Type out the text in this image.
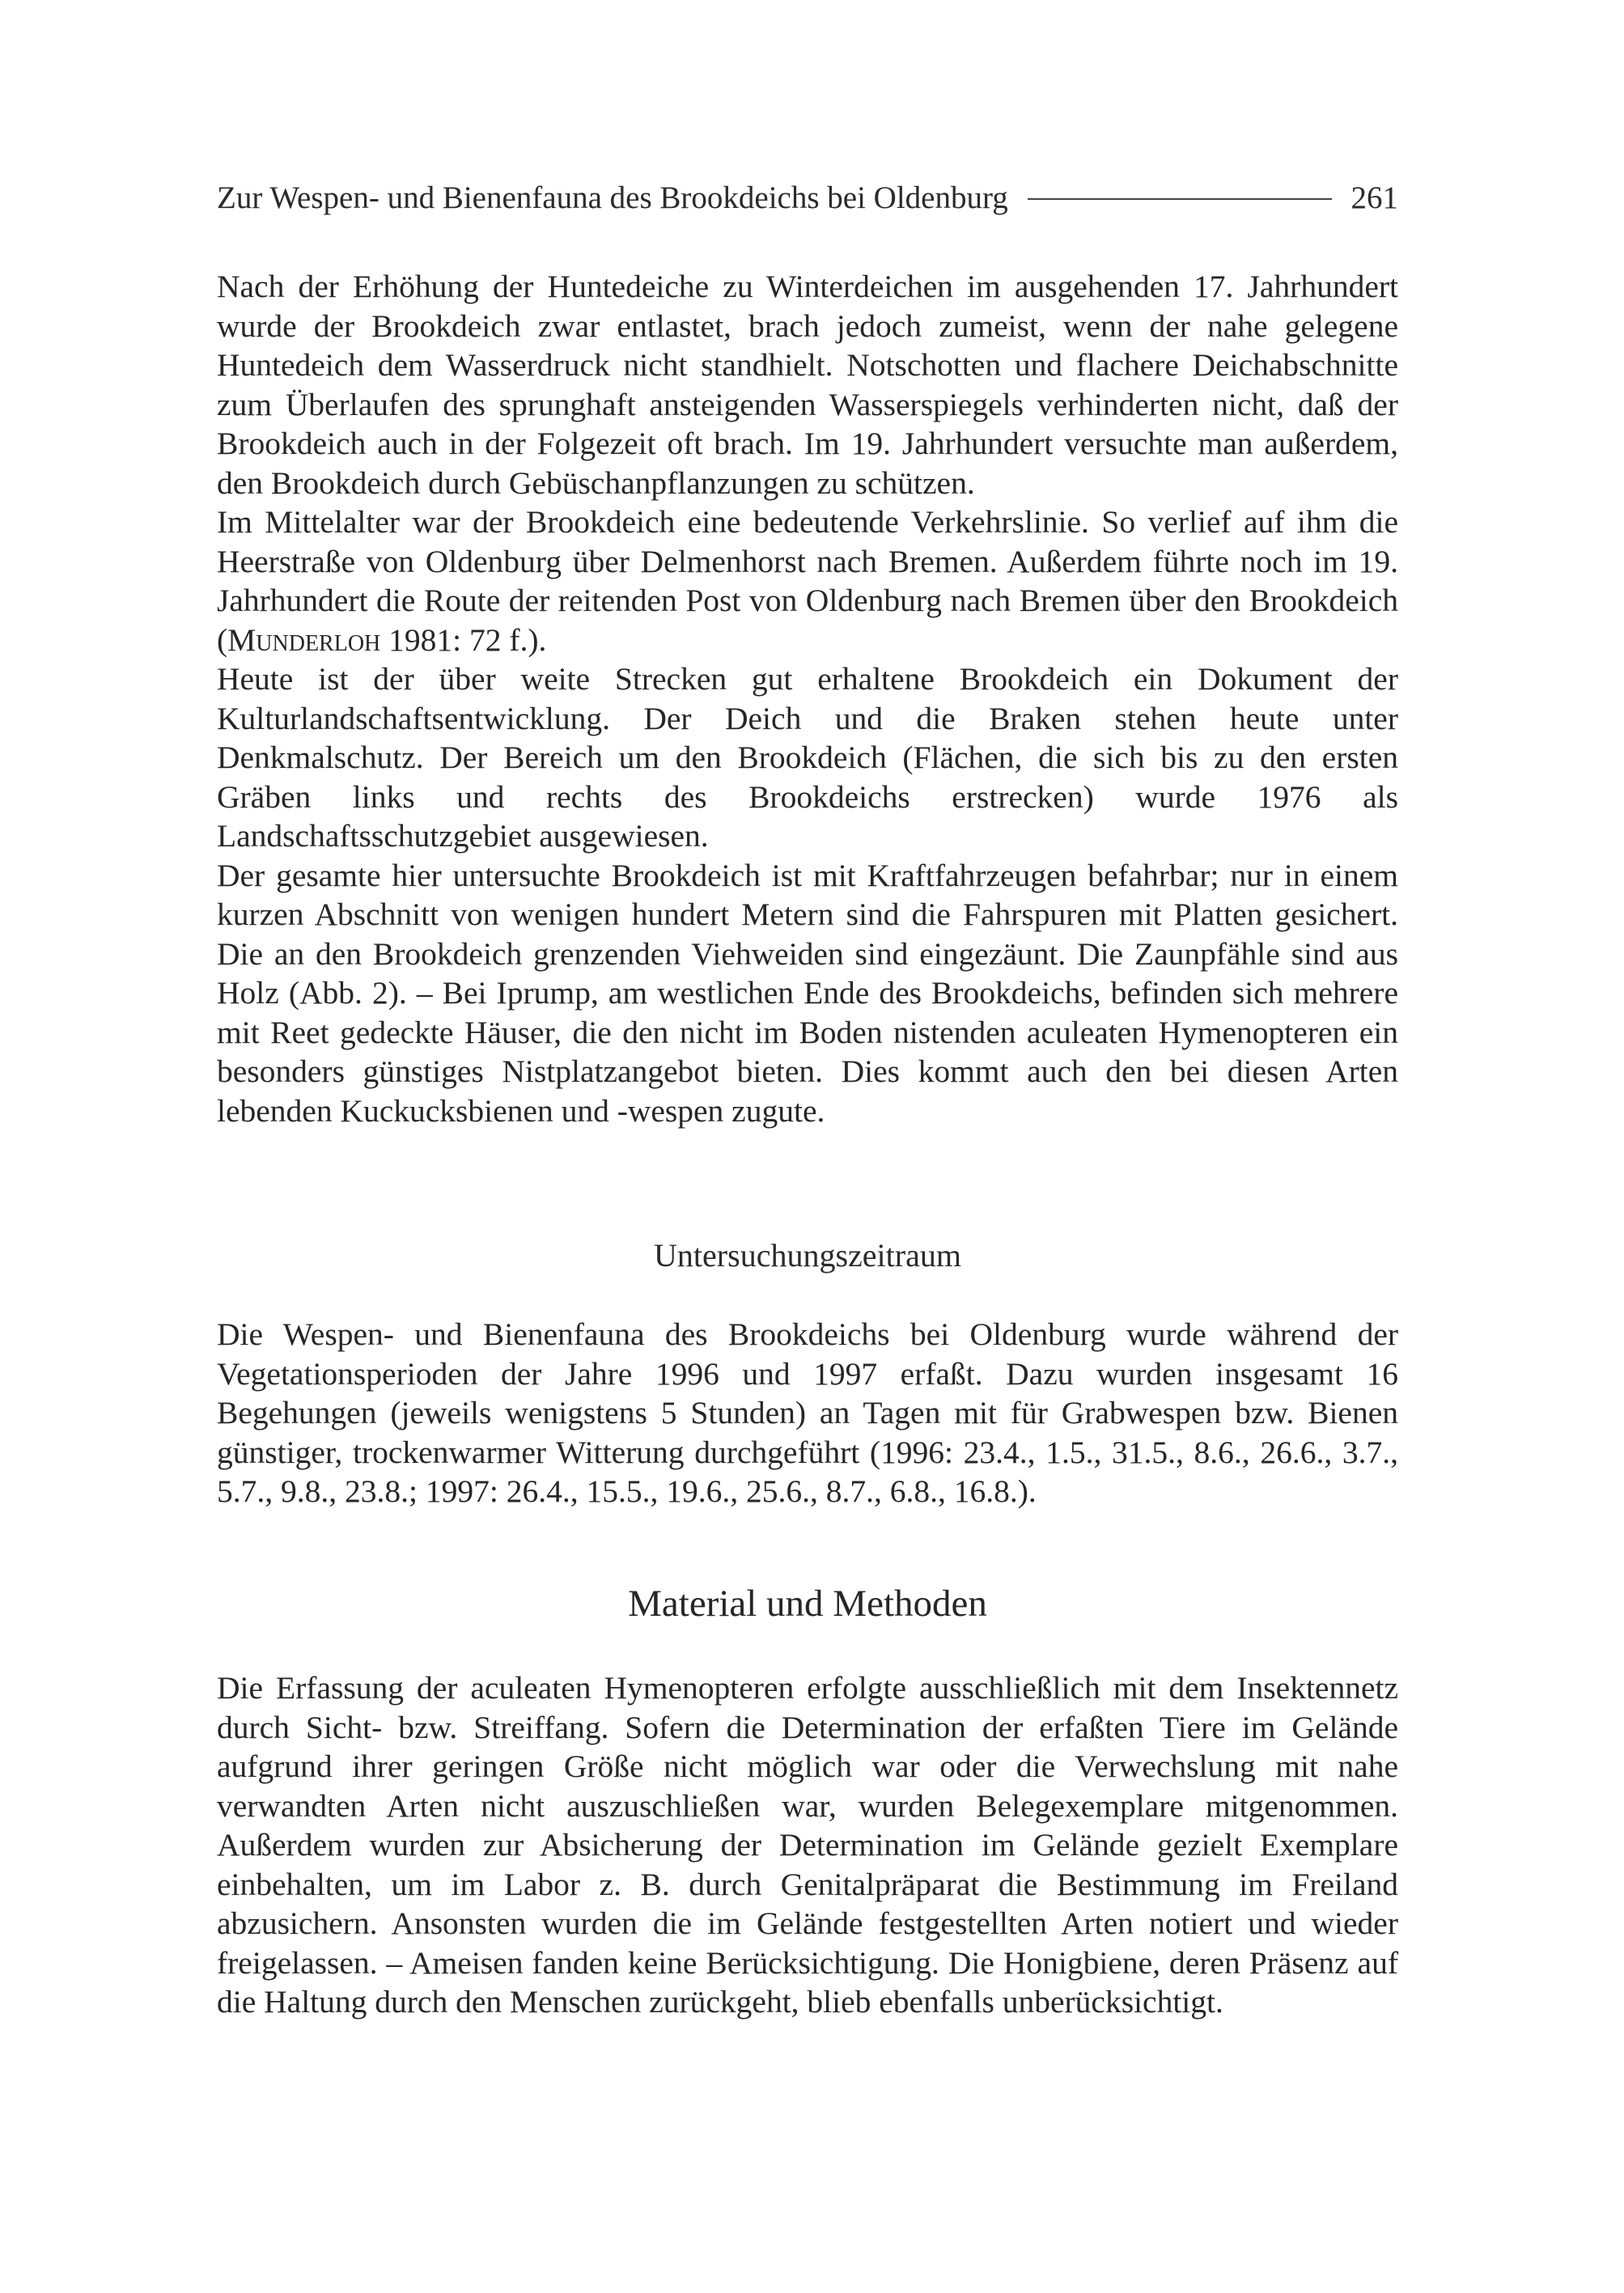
Zur Wespen- und Bienenfauna des Brookdeichs bei Oldenburg	261

Nach der Erhöhung der Huntedeiche zu Winterdeichen im ausgehenden 17. Jahrhundert wurde der Brookdeich zwar entlastet, brach jedoch zumeist, wenn der nahe gelegene Huntedeich dem Wasserdruck nicht standhielt. Notschotten und flachere Deichabschnitte zum Überlaufen des sprunghaft ansteigenden Wasserspiegels verhinderten nicht, daß der Brookdeich auch in der Folgezeit oft brach. Im 19. Jahrhundert versuchte man außerdem, den Brookdeich durch Gebüschanpflanzungen zu schützen.

Im Mittelalter war der Brookdeich eine bedeutende Verkehrslinie. So verlief auf ihm die Heerstraße von Oldenburg über Delmenhorst nach Bremen. Außerdem führte noch im 19. Jahrhundert die Route der reitenden Post von Oldenburg nach Bremen über den Brookdeich (Munderloh 1981: 72 f.).

Heute ist der über weite Strecken gut erhaltene Brookdeich ein Dokument der Kulturlandschaftsentwicklung. Der Deich und die Braken stehen heute unter Denkmalschutz. Der Bereich um den Brookdeich (Flächen, die sich bis zu den ersten Gräben links und rechts des Brookdeichs erstrecken) wurde 1976 als Landschaftsschutzgebiet ausgewiesen.

Der gesamte hier untersuchte Brookdeich ist mit Kraftfahrzeugen befahrbar; nur in einem kurzen Abschnitt von wenigen hundert Metern sind die Fahrspuren mit Platten gesichert. Die an den Brookdeich grenzenden Viehweiden sind eingezäunt. Die Zaunpfähle sind aus Holz (Abb. 2). – Bei Iprump, am westlichen Ende des Brookdeichs, befinden sich mehrere mit Reet gedeckte Häuser, die den nicht im Boden nistenden aculeaten Hymenopteren ein besonders günstiges Nistplatzangebot bieten. Dies kommt auch den bei diesen Arten lebenden Kuckucksbienen und -wespen zugute.

Untersuchungszeitraum

Die Wespen- und Bienenfauna des Brookdeichs bei Oldenburg wurde während der Vegetationsperioden der Jahre 1996 und 1997 erfaßt. Dazu wurden insgesamt 16 Begehungen (jeweils wenigstens 5 Stunden) an Tagen mit für Grabwespen bzw. Bienen günstiger, trockenwarmer Witterung durchgeführt (1996: 23.4., 1.5., 31.5., 8.6., 26.6., 3.7., 5.7., 9.8., 23.8.; 1997: 26.4., 15.5., 19.6., 25.6., 8.7., 6.8., 16.8.).

Material und Methoden

Die Erfassung der aculeaten Hymenopteren erfolgte ausschließlich mit dem Insektennetz durch Sicht- bzw. Streiffang. Sofern die Determination der erfaßten Tiere im Gelände aufgrund ihrer geringen Größe nicht möglich war oder die Verwechslung mit nahe verwandten Arten nicht auszuschließen war, wurden Belegexemplare mitgenommen. Außerdem wurden zur Absicherung der Determination im Gelände gezielt Exemplare einbehalten, um im Labor z. B. durch Genitalpräparat die Bestimmung im Freiland abzusichern. Ansonsten wurden die im Gelände festgestellten Arten notiert und wieder freigelassen. – Ameisen fanden keine Berücksichtigung. Die Honigbiene, deren Präsenz auf die Haltung durch den Menschen zurückgeht, blieb ebenfalls unberücksichtigt.
